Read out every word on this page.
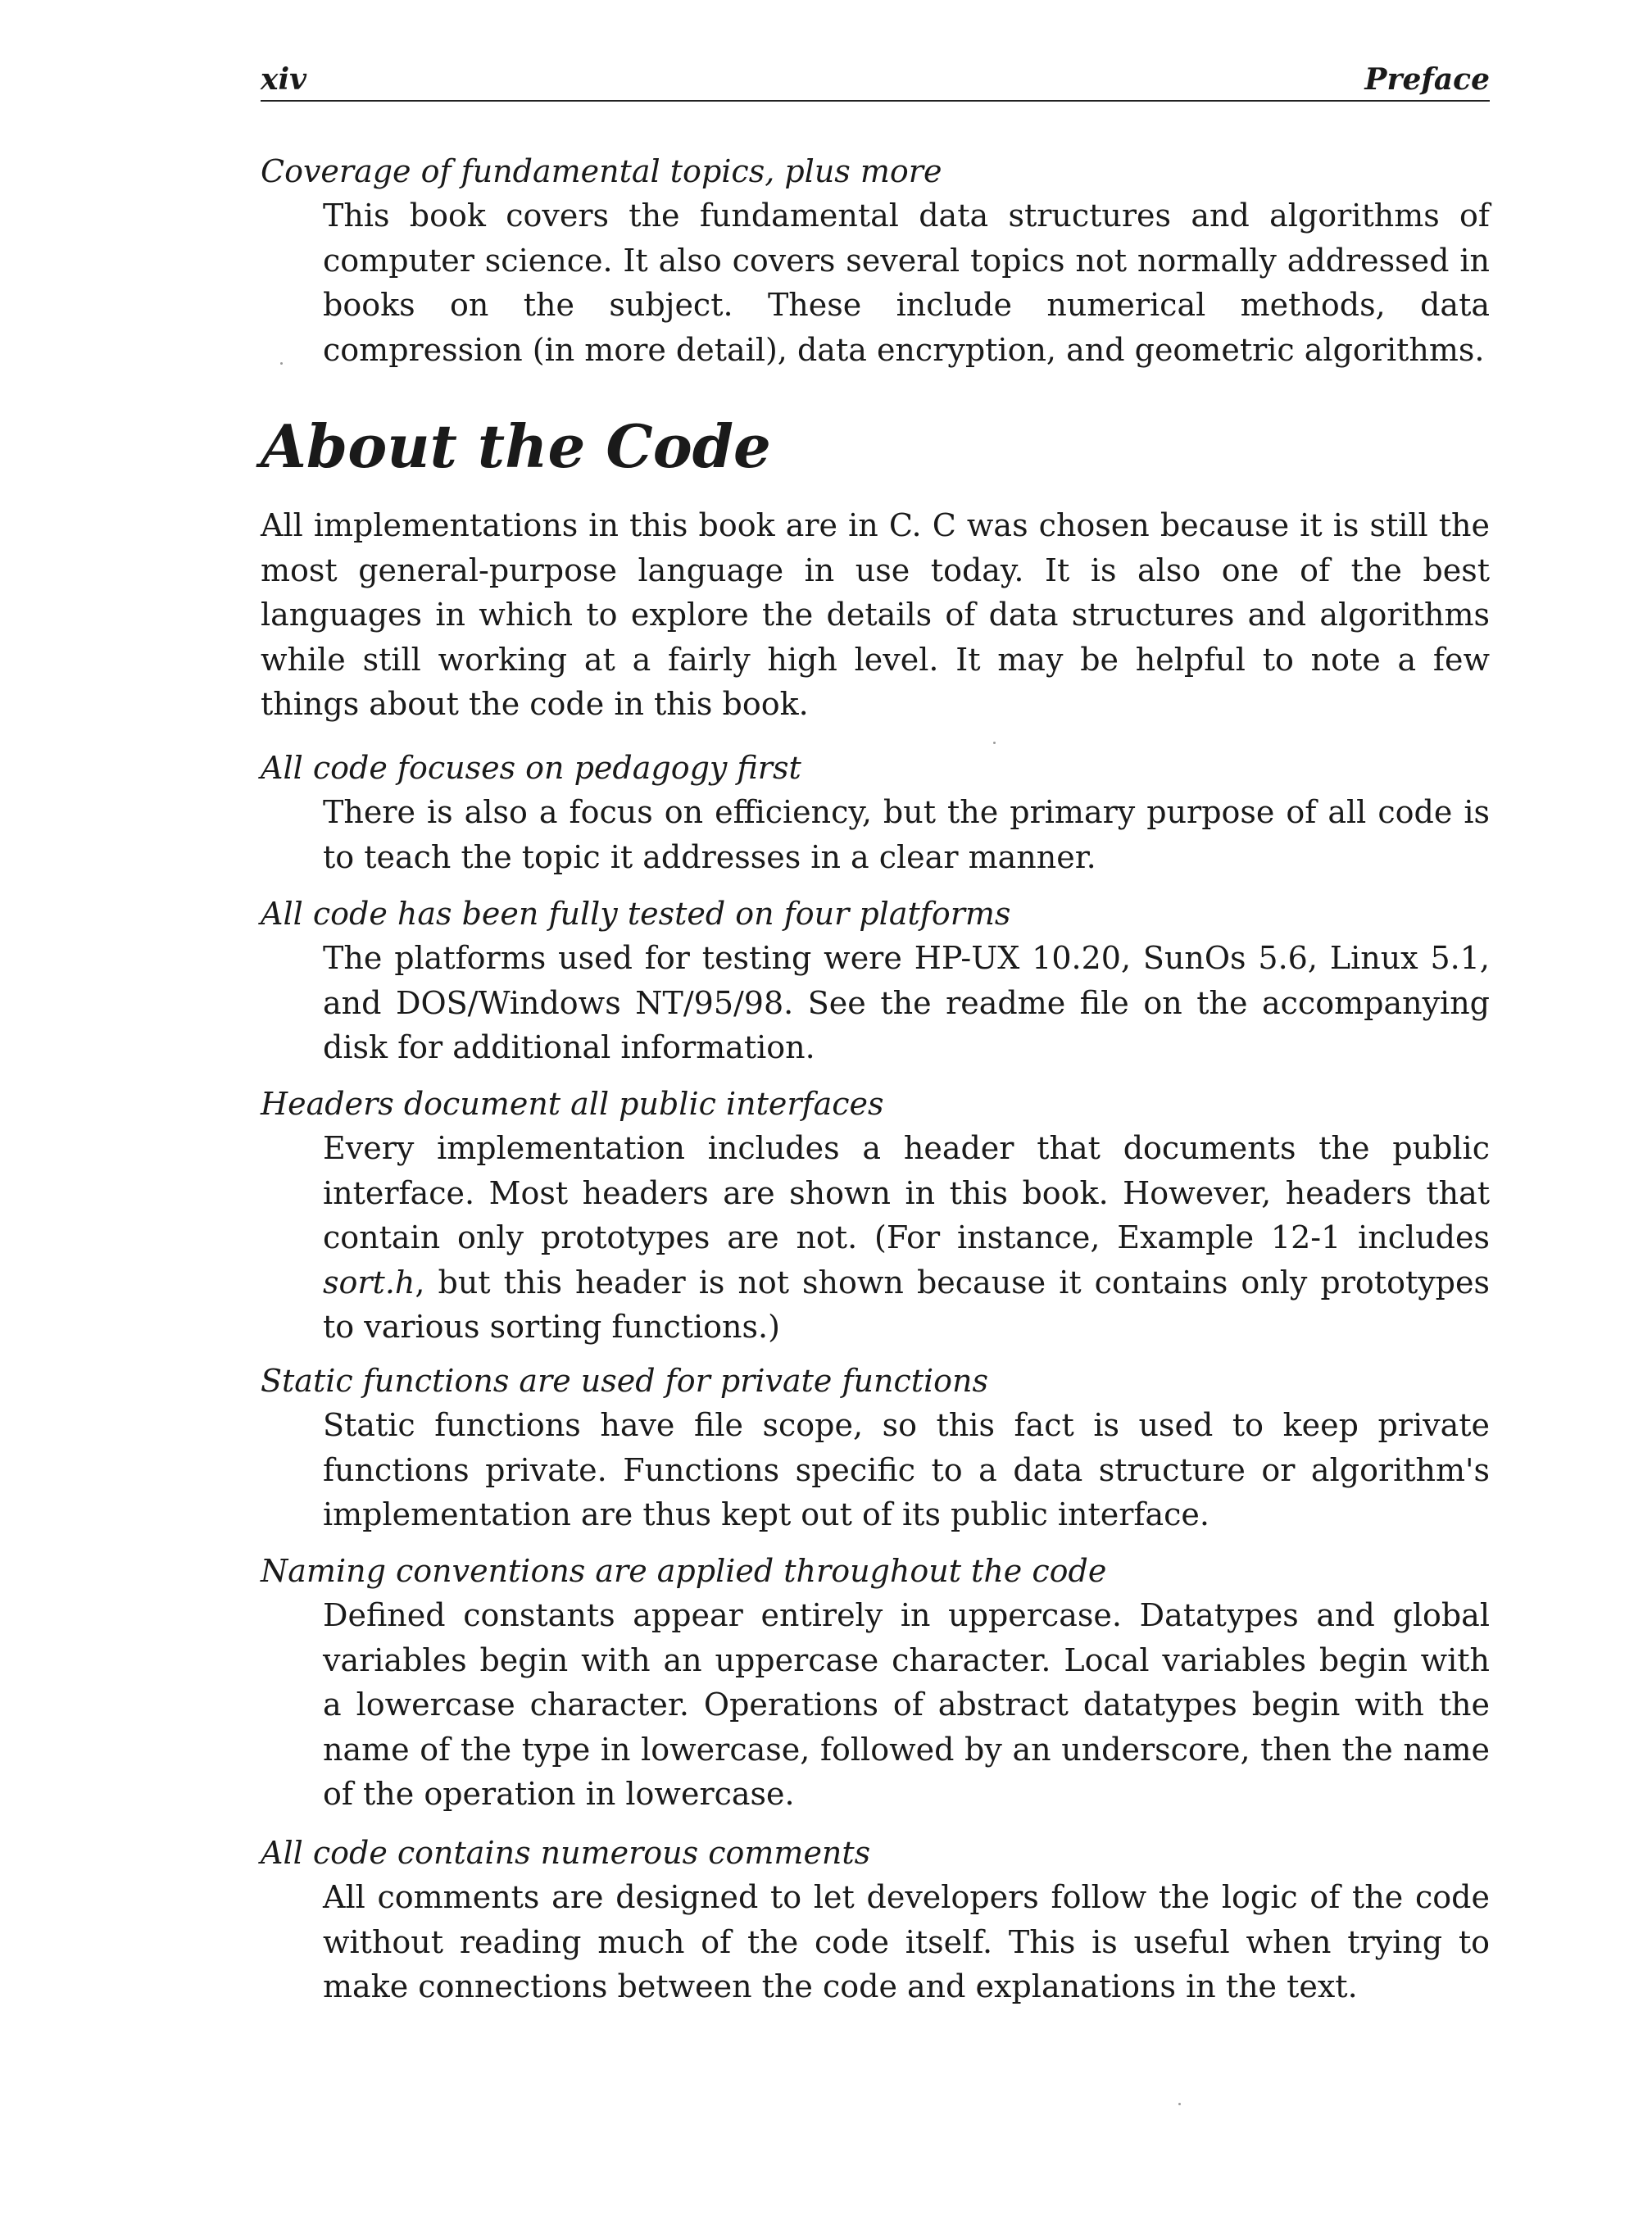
xiv	Preface

Coverage of fundamental topics, plus more

This book covers the fundamental data structures and algorithms of computer science. It also covers several topics not normally addressed in books on the subject. These include numerical methods, data compression (in more detail), data encryption, and geometric algorithms.

About the Code

All implementations in this book are in C. C was chosen because it is still the most general-purpose language in use today. It is also one of the best languages in which to explore the details of data structures and algorithms while still working at a fairly high level. It may be helpful to note a few things about the code in this book.

All code focuses on pedagogy first

There is also a focus on efficiency, but the primary purpose of all code is to teach the topic it addresses in a clear manner.

All code has been fully tested on four platforms

The platforms used for testing were HP-UX 10.20, SunOs 5.6, Linux 5.1, and DOS/Windows NT/95/98. See the readme file on the accompanying disk for additional information.

Headers document all public interfaces

Every implementation includes a header that documents the public interface. Most headers are shown in this book. However, headers that contain only prototypes are not. (For instance, Example 12-1 includes sort.h, but this header is not shown because it contains only prototypes to various sorting functions.)

Static functions are used for private functions

Static functions have file scope, so this fact is used to keep private functions private. Functions specific to a data structure or algorithm's implementation are thus kept out of its public interface.

Naming conventions are applied throughout the code

Defined constants appear entirely in uppercase. Datatypes and global variables begin with an uppercase character. Local variables begin with a lowercase character. Operations of abstract datatypes begin with the name of the type in lowercase, followed by an underscore, then the name of the operation in lowercase.

All code contains numerous comments

All comments are designed to let developers follow the logic of the code without reading much of the code itself. This is useful when trying to make connections between the code and explanations in the text.
